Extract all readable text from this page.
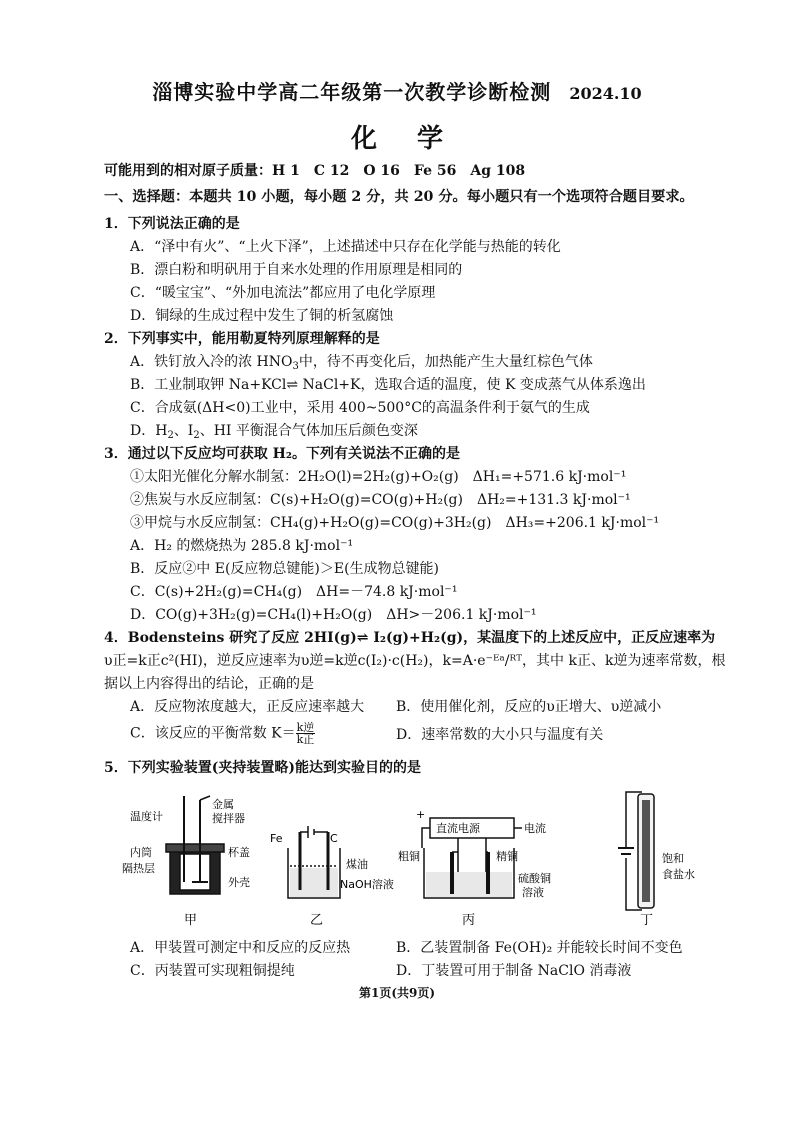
淄博实验中学高二年级第一次教学诊断检测 2024.10
化学
可能用到的相对原子质量：H 1　C 12　O 16　Fe 56　Ag 108
一、选择题：本题共 10 小题，每小题 2 分，共 20 分。每小题只有一个选项符合题目要求。
1．下列说法正确的是
A．“泽中有火”、“上火下泽”，上述描述中只存在化学能与热能的转化
B．漂白粉和明矾用于自来水处理的作用原理是相同的
C．“暖宝宝”、“外加电流法”都应用了电化学原理
D．铜绿的生成过程中发生了铜的析氢腐蚀
2．下列事实中，能用勒夏特列原理解释的是
A．铁钉放入冷的浓 $HNO_3$中，待不再变化后，加热能产生大量红棕色气体
B．工业制取钾 Na+KCl⇌ NaCl+K，选取合适的温度，使 K 变成蒸气从体系逸出
C．合成氨(ΔH<0)工业中，采用 400~500°C的高温条件利于氨气的生成
D．$H_2$、$I_2$、HI 平衡混合气体加压后颜色变深
3．通过以下反应均可获取 H₂。下列有关说法不正确的是
①太阳光催化分解水制氢：2H₂O(l)=2H₂(g)+O₂(g)　ΔH₁=+571.6 kJ·mol⁻¹
②焦炭与水反应制氢：C(s)+H₂O(g)=CO(g)+H₂(g)　ΔH₂=+131.3 kJ·mol⁻¹
③甲烷与水反应制氢：CH₄(g)+H₂O(g)=CO(g)+3H₂(g)　ΔH₃=+206.1 kJ·mol⁻¹
A．H₂ 的燃烧热为 285.8 kJ·mol⁻¹
B．反应②中 E(反应物总键能)＞E(生成物总键能)
C．C(s)+2H₂(g)=CH₄(g)　ΔH=－74.8 kJ·mol⁻¹
D．CO(g)+3H₂(g)=CH₄(l)+H₂O(g)　ΔH>－206.1 kJ·mol⁻¹
4．Bodensteins 研究了反应 2HI(g)⇌ I₂(g)+H₂(g)，某温度下的上述反应中，正反应速率为
υ正=k正c²(HI)，逆反应速率为υ逆=k逆c(I₂)·c(H₂)，k=A·e⁻ᴱᵃ/ᴿᵀ，其中 k正、k逆为速率常数，根
据以上内容得出的结论，正确的是
A．反应物浓度越大，正反应速率越大 B．使用催化剂，反应的υ正增大、υ逆减小
C．该反应的平衡常数 $K= \frac{\text{k逆}}{\text{k正}}$	D．速率常数的大小只与温度有关
5．下列实验装置(夹持装置略)能达到实验目的的是
温度计
金属
搅拌器
内筒
隔热层
杯盖
外壳
甲
Fe	C
煤油
NaOH溶液
乙
+
直流电源	电流
粗铜	精铜
硫酸铜
溶液
丙
饱和
食盐水
丁
A．甲装置可测定中和反应的反应热	B．乙装置制备 Fe(OH)₂ 并能较长时间不变色
C．丙装置可实现粗铜提纯	D．丁装置可用于制备 NaClO 消毒液
第1页(共9页)
